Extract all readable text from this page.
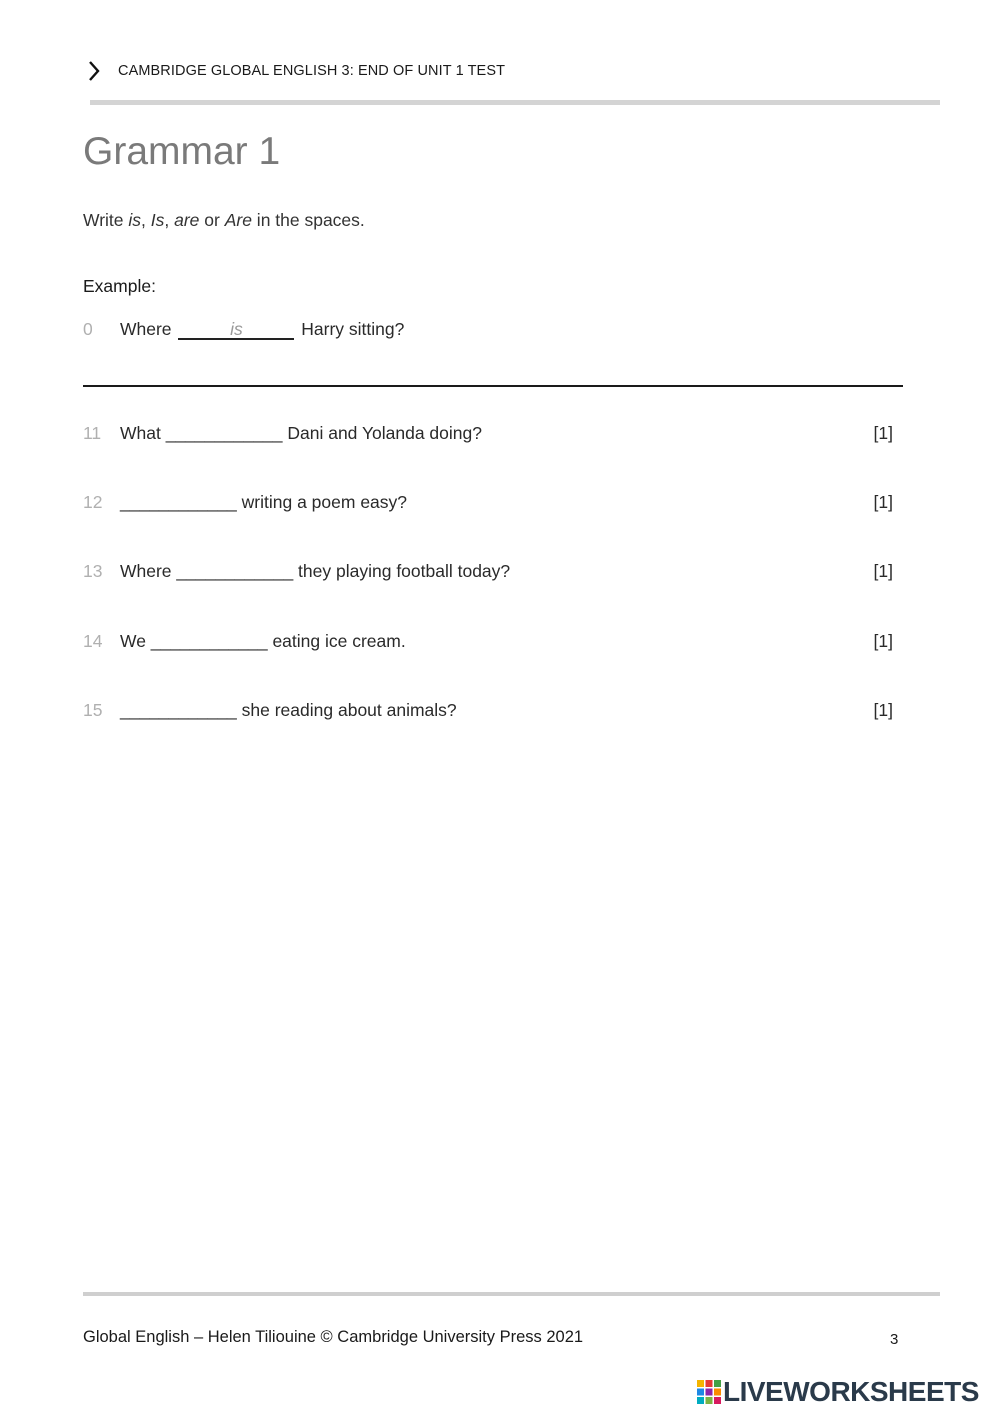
CAMBRIDGE GLOBAL ENGLISH 3: END OF UNIT 1 TEST
Grammar 1
Write is, Is, are or Are in the spaces.
Example:
0 Where	is	Harry sitting?
11 What ____________ Dani and Yolanda doing?	[1]
12 ____________ writing a poem easy?	[1]
13 Where ____________ they playing football today?	[1]
14 We ____________ eating ice cream.	[1]
15 ____________ she reading about animals?	[1]
Global English – Helen Tiliouine © Cambridge University Press 2021	3
LIVEWORKSHEETS
